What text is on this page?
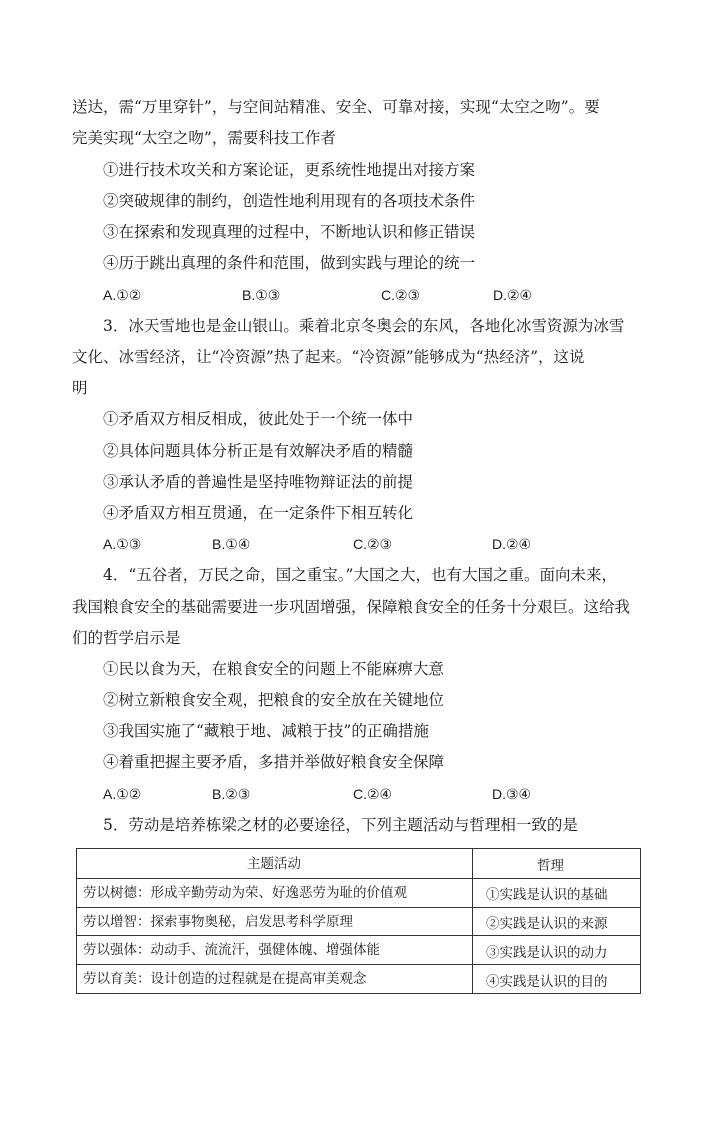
送达，需“万里穿针”，与空间站精准、安全、可靠对接，实现“太空之吻”。要
完美实现“太空之吻”，需要科技工作者
①进行技术攻关和方案论证，更系统性地提出对接方案
②突破规律的制约，创造性地利用现有的各项技术条件
③在探索和发现真理的过程中，不断地认识和修正错误
④历于跳出真理的条件和范围，做到实践与理论的统一
A.①②	B.①③	C.②③	D.②④
3．冰天雪地也是金山银山。乘着北京冬奥会的东风，各地化冰雪资源为冰雪
文化、冰雪经济，让“冷资源”热了起来。“冷资源”能够成为“热经济”，这说
明
①矛盾双方相反相成，彼此处于一个统一体中
②具体问题具体分析正是有效解决矛盾的精髓
③承认矛盾的普遍性是坚持唯物辩证法的前提
④矛盾双方相互贯通，在一定条件下相互转化
A.①③	B.①④	C.②③	D.②④
4．“五谷者，万民之命，国之重宝。”大国之大，也有大国之重。面向未来，
我国粮食安全的基础需要进一步巩固增强，保障粮食安全的任务十分艰巨。这给我
们的哲学启示是
①民以食为天，在粮食安全的问题上不能麻痹大意
②树立新粮食安全观，把粮食的安全放在关键地位
③我国实施了“藏粮于地、减粮于技”的正确措施
④着重把握主要矛盾，多措并举做好粮食安全保障
A.①②	B.②③	C.②④	D.③④
5．劳动是培养栋梁之材的必要途径，下列主题活动与哲理相一致的是
主题活动	哲理
劳以树德：形成辛勤劳动为荣、好逸恶劳为耻的价值观	①实践是认识的基础
劳以增智：探索事物奥秘，启发思考科学原理	②实践是认识的来源
劳以强体：动动手、流流汗，强健体魄、增强体能	③实践是认识的动力
劳以育美：设计创造的过程就是在提高审美观念	④实践是认识的目的
